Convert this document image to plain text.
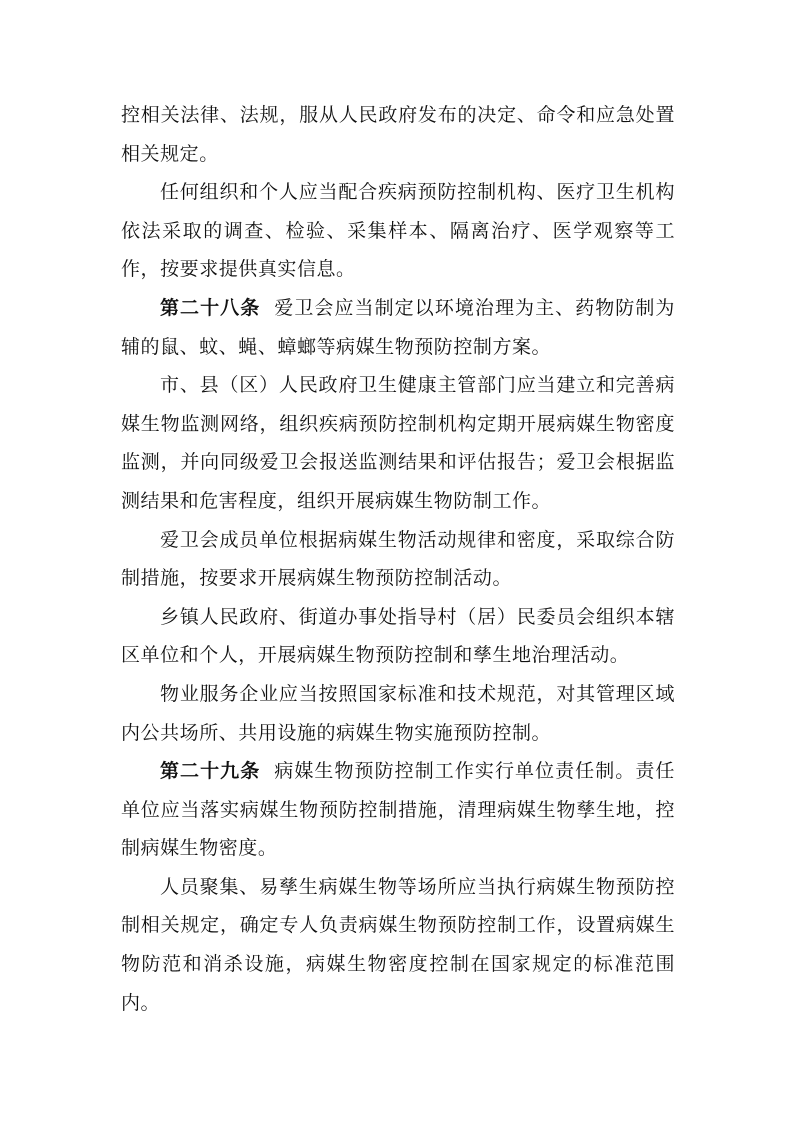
控相关法律、法规，服从人民政府发布的决定、命令和应急处置相关规定。

任何组织和个人应当配合疾病预防控制机构、医疗卫生机构依法采取的调查、检验、采集样本、隔离治疗、医学观察等工作，按要求提供真实信息。

第二十八条 爱卫会应当制定以环境治理为主、药物防制为辅的鼠、蚊、蝇、蟑螂等病媒生物预防控制方案。

市、县（区）人民政府卫生健康主管部门应当建立和完善病媒生物监测网络，组织疾病预防控制机构定期开展病媒生物密度监测，并向同级爱卫会报送监测结果和评估报告；爱卫会根据监测结果和危害程度，组织开展病媒生物防制工作。

爱卫会成员单位根据病媒生物活动规律和密度，采取综合防制措施，按要求开展病媒生物预防控制活动。

乡镇人民政府、街道办事处指导村（居）民委员会组织本辖区单位和个人，开展病媒生物预防控制和孳生地治理活动。

物业服务企业应当按照国家标准和技术规范，对其管理区域内公共场所、共用设施的病媒生物实施预防控制。

第二十九条 病媒生物预防控制工作实行单位责任制。责任单位应当落实病媒生物预防控制措施，清理病媒生物孳生地，控制病媒生物密度。

人员聚集、易孳生病媒生物等场所应当执行病媒生物预防控制相关规定，确定专人负责病媒生物预防控制工作，设置病媒生物防范和消杀设施，病媒生物密度控制在国家规定的标准范围内。
